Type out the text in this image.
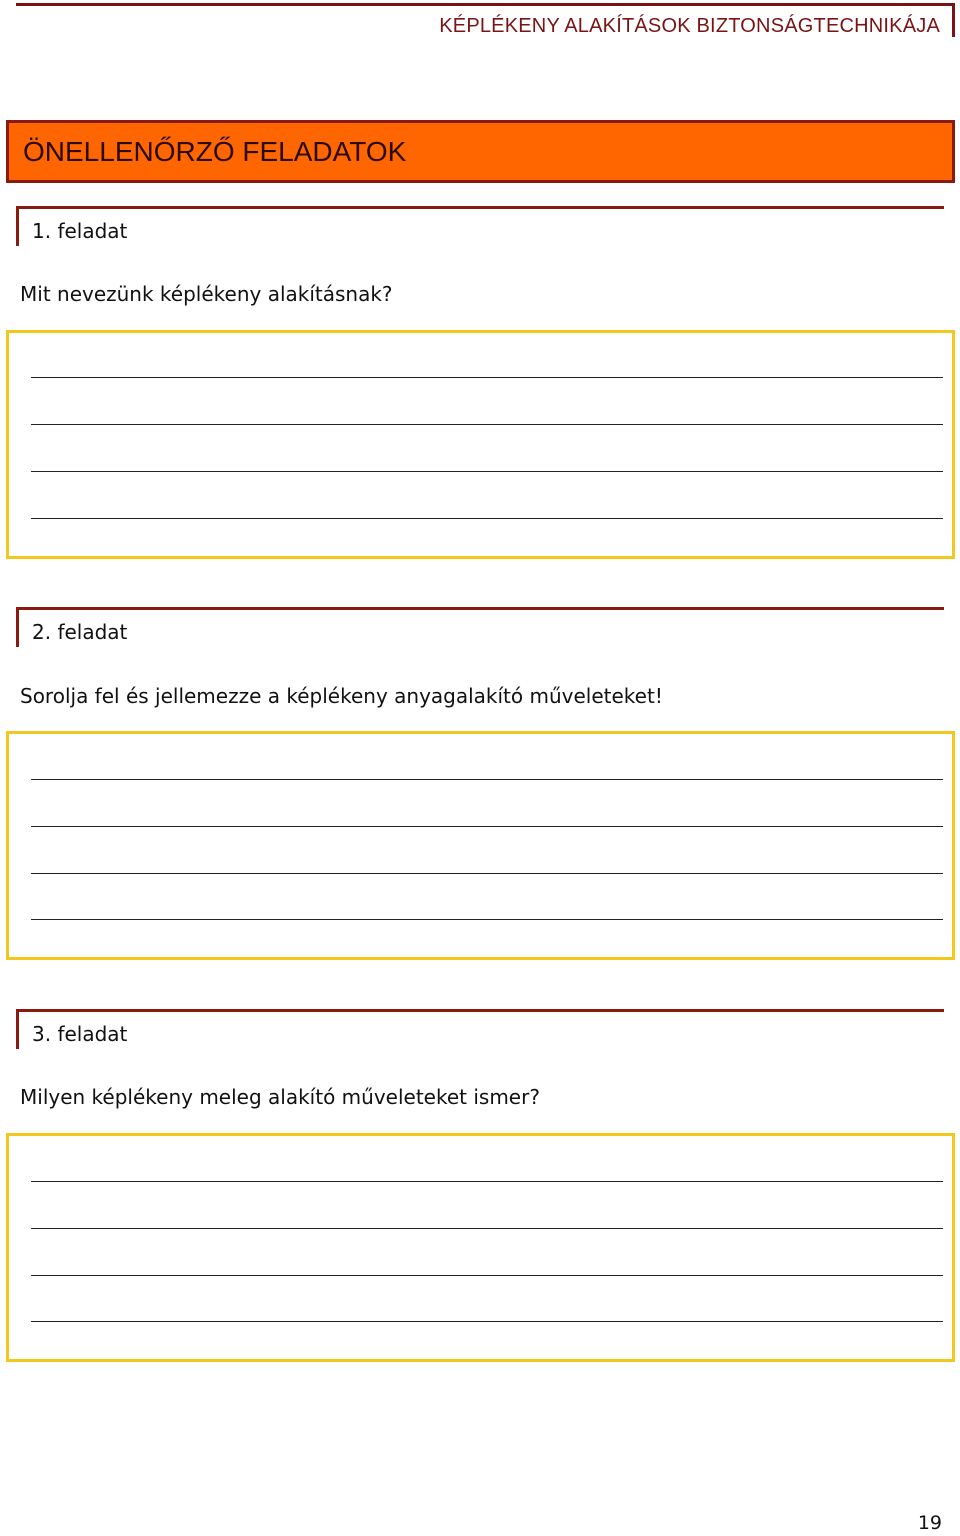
KÉPLÉKENY ALAKÍTÁSOK BIZTONSÁGTECHNIKÁJA
ÖNELLENŐRZŐ FELADATOK
1. feladat
Mit nevezünk képlékeny alakításnak?
2. feladat
Sorolja fel és jellemezze a képlékeny anyagalakító műveleteket!
3. feladat
Milyen képlékeny meleg alakító műveleteket ismer?
19
